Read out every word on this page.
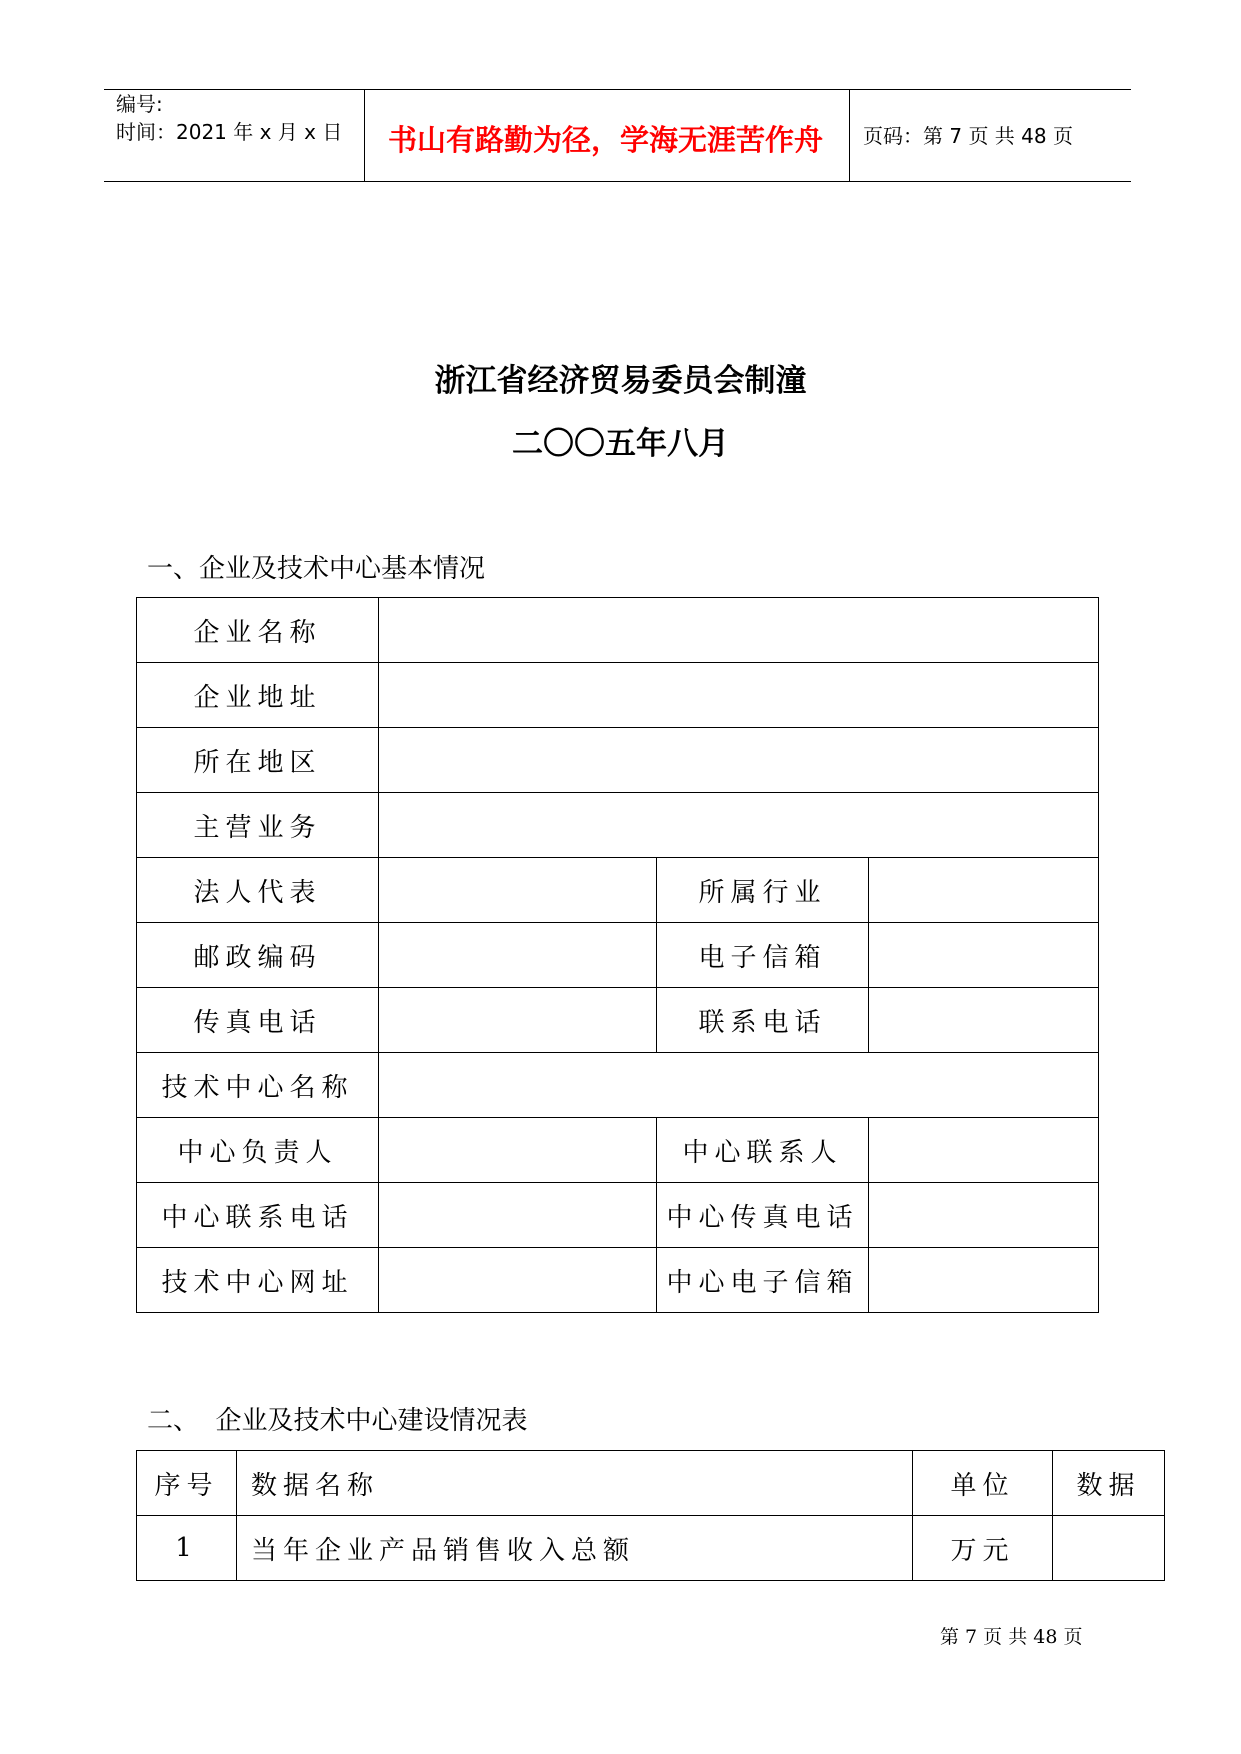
编号:
时间：2021 年 x 月 x 日 书山有路勤为径，学海无涯苦作舟 页码：第 7 页 共 48 页
浙江省经济贸易委员会制潼
二〇〇五年八月
一、企业及技术中心基本情况
企业名称			
企业地址			
所在地区			
主营业务			
法人代表		所属行业	
邮政编码		电子信箱	
传真电话		联系电话	
技术中心名称			
中心负责人		中心联系人	
中心联系电话		中心传真电话	
技术中心网址		中心电子信箱	
二、  企业及技术中心建设情况表
序号	数据名称	单位	数据
1	当年企业产品销售收入总额	万元	
第 7 页 共 48 页
